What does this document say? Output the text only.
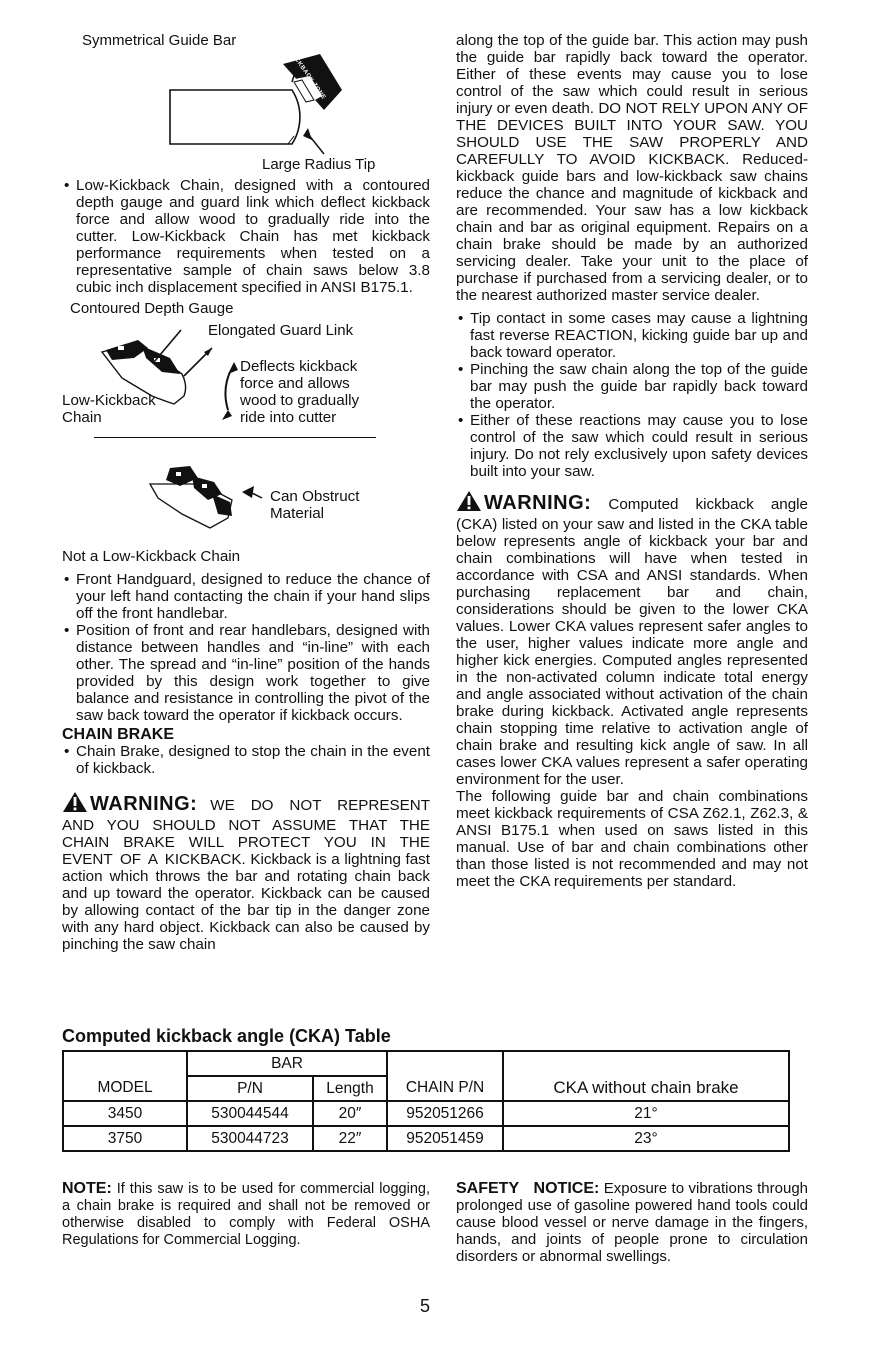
Symmetrical Guide Bar
KICKBACK ZONE
Large Radius Tip
• Low-Kickback Chain, designed with a contoured depth gauge and guard link which deflect kickback force and allow wood to gradually ride into the cutter. Low-Kickback Chain has met kickback performance requirements when tested on a representative sample of chain saws below 3.8 cubic inch displacement specified in ANSI B175.1.
Contoured Depth Gauge
Elongated Guard Link
Deflects kickback
force and allows
wood to gradually
ride into cutter
Low-Kickback
Chain
Can Obstruct
Material

Not a Low-Kickback Chain

• Front Handguard, designed to reduce the chance of your left hand contacting the chain if your hand slips off the front handlebar.
• Position of front and rear handlebars, designed with distance between handles and “in-line” with each other. The spread and “in-line” position of the hands provided by this design work together to give balance and resistance in controlling the pivot of the saw back toward the operator if kickback occurs.

CHAIN BRAKE

• Chain Brake, designed to stop the chain in the event of kickback.
WARNING: WE DO NOT REPRESENT AND YOU SHOULD NOT ASSUME THAT THE CHAIN BRAKE WILL PROTECT YOU IN THE EVENT OF A KICKBACK. Kickback is a lightning fast action which throws the bar and rotating chain back and up toward the operator. Kickback can be caused by allowing contact of the bar tip in the danger zone with any hard object. Kickback can also be caused by pinching the saw chain

along the top of the guide bar. This action may push the guide bar rapidly back toward the operator. Either of these events may cause you to lose control of the saw which could result in serious injury or even death. DO NOT RELY UPON ANY OF THE DEVICES BUILT INTO YOUR SAW. YOU SHOULD USE THE SAW PROPERLY AND CAREFULLY TO AVOID KICKBACK. Reduced-kickback guide bars and low-kickback saw chains reduce the chance and magnitude of kickback and are recommended. Your saw has a low kickback chain and bar as original equipment. Repairs on a chain brake should be made by an authorized servicing dealer. Take your unit to the place of purchase if purchased from a servicing dealer, or to the nearest authorized master service dealer.

• Tip contact in some cases may cause a lightning fast reverse REACTION, kicking guide bar up and back toward operator.
• Pinching the saw chain along the top of the guide bar may push the guide bar rapidly back toward the operator.
• Either of these reactions may cause you to lose control of the saw which could result in serious injury. Do not rely exclusively upon safety devices built into your saw.
WARNING: Computed kickback angle (CKA) listed on your saw and listed in the CKA table below represents angle of kickback your bar and chain combinations will have when tested in accordance with CSA and ANSI standards. When purchasing replacement bar and chain, considerations should be given to the lower CKA values. Lower CKA values represent safer angles to the user, higher values indicate more angle and higher kick energies. Computed angles represented in the non-activated column indicate total energy and angle associated without activation of the chain brake during kickback. Activated angle represents chain stopping time relative to activation angle of chain brake and resulting kick angle of saw. In all cases lower CKA values represent a safer operating environment for the user.

The following guide bar and chain combinations meet kickback requirements of CSA Z62.1, Z62.3, & ANSI B175.1 when used on saws listed in this manual. Use of bar and chain combinations other than those listed is not recommended and may not meet the CKA requirements per standard.

Computed kickback angle (CKA) Table
	BAR			
MODEL	P/N	Length	CHAIN P/N	CKA without chain brake
3450	530044544	20″	952051266	21°
3750	530044723	22″	952051459	23°
NOTE: If this saw is to be used for commercial logging, a chain brake is required and shall not be removed or otherwise disabled to comply with Federal OSHA Regulations for Commercial Logging.
SAFETY NOTICE: Exposure to vibrations through prolonged use of gasoline powered hand tools could cause blood vessel or nerve damage in the fingers, hands, and joints of people prone to circulation disorders or abnormal swellings.
5
